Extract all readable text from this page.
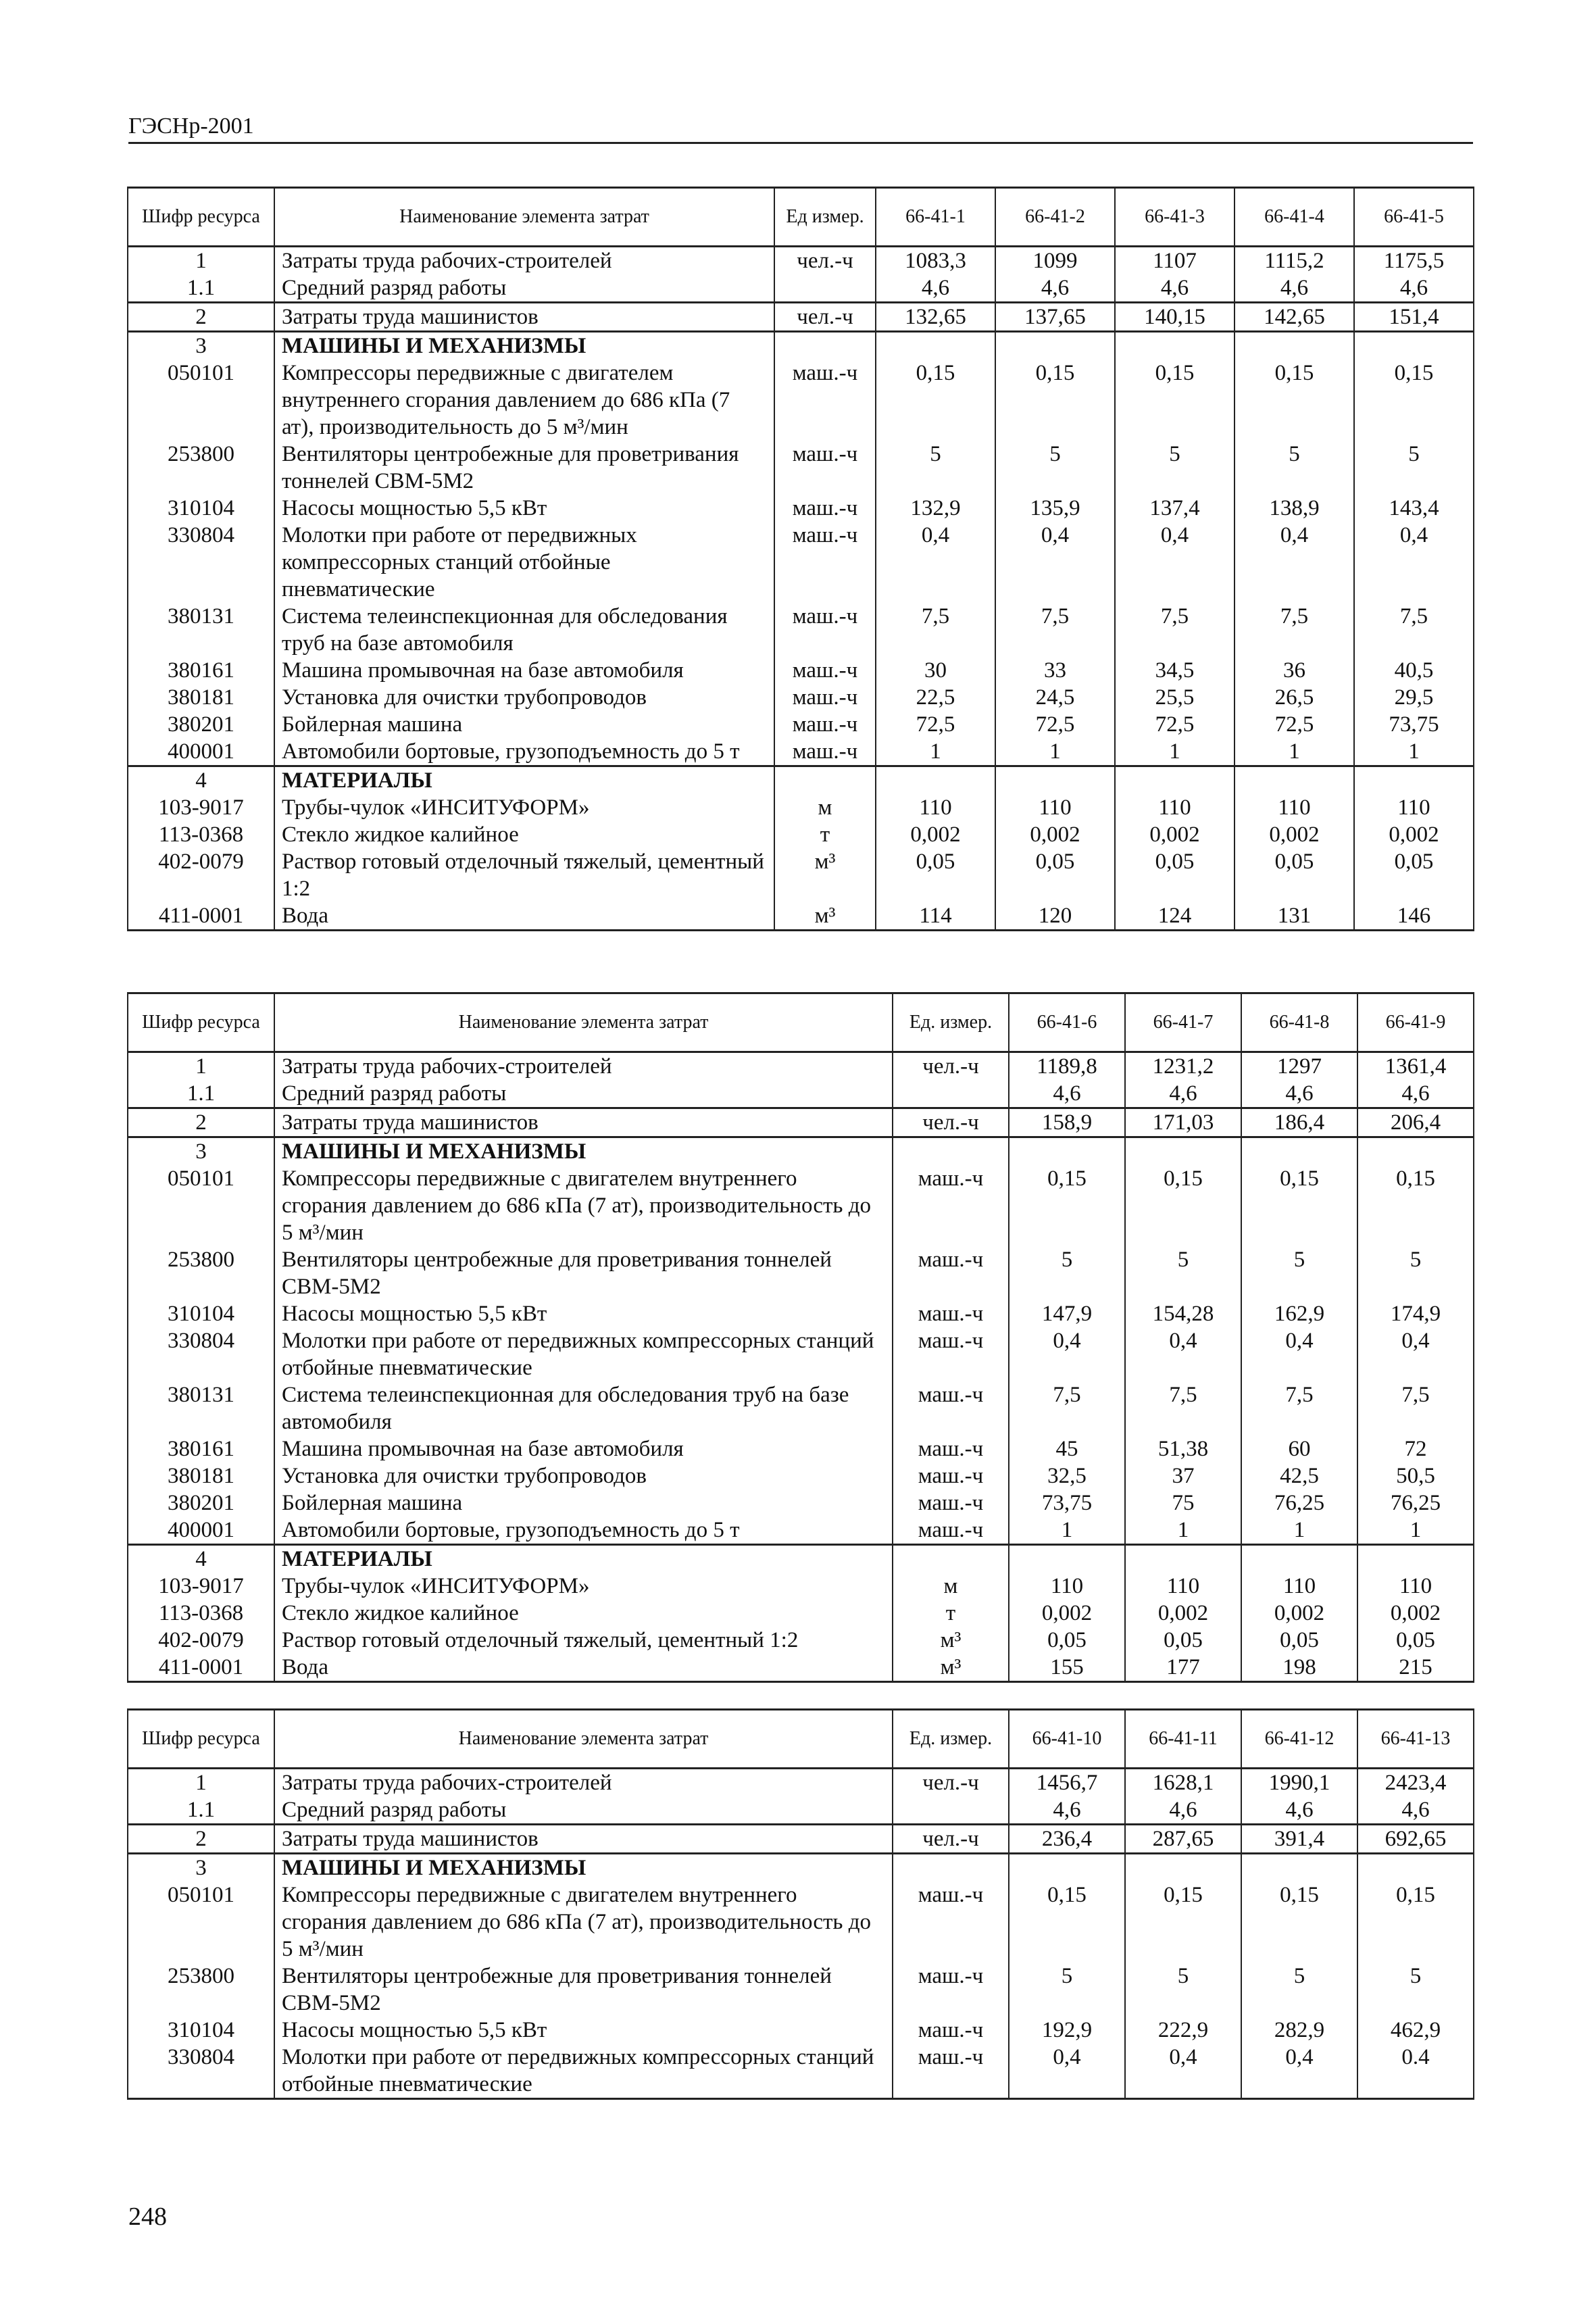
ГЭСНр-2001
Шифр ресурса	Наименование элемента затрат	Ед измер.	66-41-1	66-41-2	66-41-3	66-41-4	66-41-5
1	Затраты труда рабочих-строителей	чел.-ч	1083,3	1099	1107	1115,2	1175,5
1.1	Средний разряд работы		4,6	4,6	4,6	4,6	4,6
2	Затраты труда машинистов	чел.-ч	132,65	137,65	140,15	142,65	151,4
3	МАШИНЫ И МЕХАНИЗМЫ						
050101	Компрессоры передвижные с двигателем внутреннего сгорания давлением до 686 кПа (7 ат), производительность до 5 м³/мин	маш.-ч	0,15	0,15	0,15	0,15	0,15
253800	Вентиляторы центробежные для проветривания тоннелей СВМ-5М2	маш.-ч	5	5	5	5	5
310104	Насосы мощностью 5,5 кВт	маш.-ч	132,9	135,9	137,4	138,9	143,4
330804	Молотки при работе от передвижных компрессорных станций отбойные пневматические	маш.-ч	0,4	0,4	0,4	0,4	0,4
380131	Система телеинспекционная для обследования труб на базе автомобиля	маш.-ч	7,5	7,5	7,5	7,5	7,5
380161	Машина промывочная на базе автомобиля	маш.-ч	30	33	34,5	36	40,5
380181	Установка для очистки трубопроводов	маш.-ч	22,5	24,5	25,5	26,5	29,5
380201	Бойлерная машина	маш.-ч	72,5	72,5	72,5	72,5	73,75
400001	Автомобили бортовые, грузоподъемность до 5 т	маш.-ч	1	1	1	1	1
4	МАТЕРИАЛЫ						
103-9017	Трубы-чулок «ИНСИТУФОРМ»	м	110	110	110	110	110
113-0368	Стекло жидкое калийное	т	0,002	0,002	0,002	0,002	0,002
402-0079	Раствор готовый отделочный тяжелый, цементный 1:2	м³	0,05	0,05	0,05	0,05	0,05
411-0001	Вода	м³	114	120	124	131	146
Шифр ресурса	Наименование элемента затрат	Ед. измер.	66-41-6	66-41-7	66-41-8	66-41-9
1	Затраты труда рабочих-строителей	чел.-ч	1189,8	1231,2	1297	1361,4
1.1	Средний разряд работы		4,6	4,6	4,6	4,6
2	Затраты труда машинистов	чел.-ч	158,9	171,03	186,4	206,4
3	МАШИНЫ И МЕХАНИЗМЫ					
050101	Компрессоры передвижные с двигателем внутреннего сгорания давлением до 686 кПа (7 ат), производительность до 5 м³/мин	маш.-ч	0,15	0,15	0,15	0,15
253800	Вентиляторы центробежные для проветривания тоннелей СВМ-5М2	маш.-ч	5	5	5	5
310104	Насосы мощностью 5,5 кВт	маш.-ч	147,9	154,28	162,9	174,9
330804	Молотки при работе от передвижных компрессорных станций отбойные пневматические	маш.-ч	0,4	0,4	0,4	0,4
380131	Система телеинспекционная для обследования труб на базе автомобиля	маш.-ч	7,5	7,5	7,5	7,5
380161	Машина промывочная на базе автомобиля	маш.-ч	45	51,38	60	72
380181	Установка для очистки трубопроводов	маш.-ч	32,5	37	42,5	50,5
380201	Бойлерная машина	маш.-ч	73,75	75	76,25	76,25
400001	Автомобили бортовые, грузоподъемность до 5 т	маш.-ч	1	1	1	1
4	МАТЕРИАЛЫ					
103-9017	Трубы-чулок «ИНСИТУФОРМ»	м	110	110	110	110
113-0368	Стекло жидкое калийное	т	0,002	0,002	0,002	0,002
402-0079	Раствор готовый отделочный тяжелый, цементный 1:2	м³	0,05	0,05	0,05	0,05
411-0001	Вода	м³	155	177	198	215
Шифр ресурса	Наименование элемента затрат	Ед. измер.	66-41-10	66-41-11	66-41-12	66-41-13
1	Затраты труда рабочих-строителей	чел.-ч	1456,7	1628,1	1990,1	2423,4
1.1	Средний разряд работы		4,6	4,6	4,6	4,6
2	Затраты труда машинистов	чел.-ч	236,4	287,65	391,4	692,65
3	МАШИНЫ И МЕХАНИЗМЫ					
050101	Компрессоры передвижные с двигателем внутреннего сгорания давлением до 686 кПа (7 ат), производительность до 5 м³/мин	маш.-ч	0,15	0,15	0,15	0,15
253800	Вентиляторы центробежные для проветривания тоннелей СВМ-5М2	маш.-ч	5	5	5	5
310104	Насосы мощностью 5,5 кВт	маш.-ч	192,9	222,9	282,9	462,9
330804	Молотки при работе от передвижных компрессорных станций отбойные пневматические	маш.-ч	0,4	0,4	0,4	0.4
248
